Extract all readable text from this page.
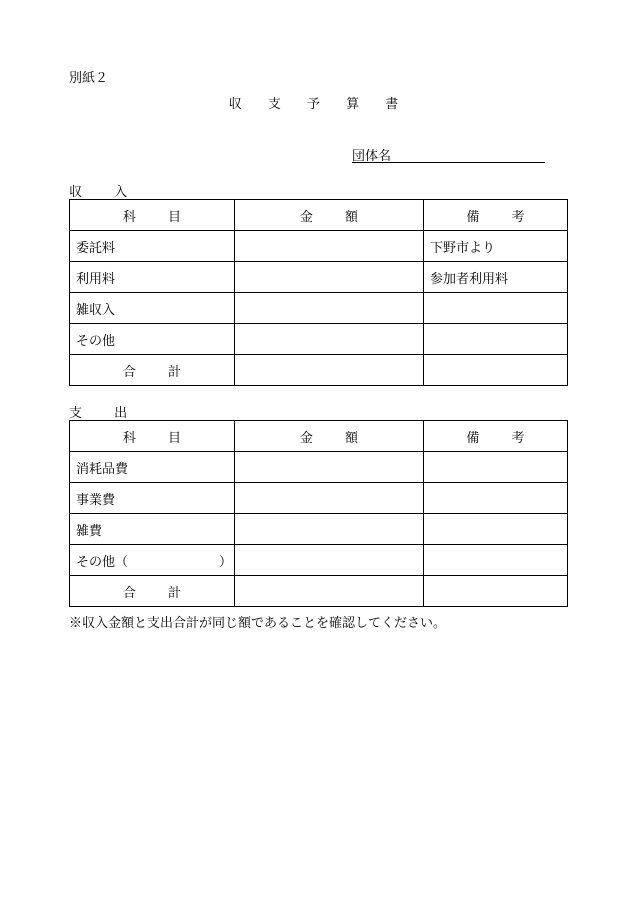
別紙２
収 支 予 算 書
団体名
収 入
科 目	金 額	備 考
委託料		下野市より
利用料		参加者利用料
雑収入		
その他		
合 計		
支 出
科 目	金 額	備 考
消耗品費		
事業費		
雑費		
その他（　　　　　　　）		
合 計		
※収入金額と支出合計が同じ額であることを確認してください。
